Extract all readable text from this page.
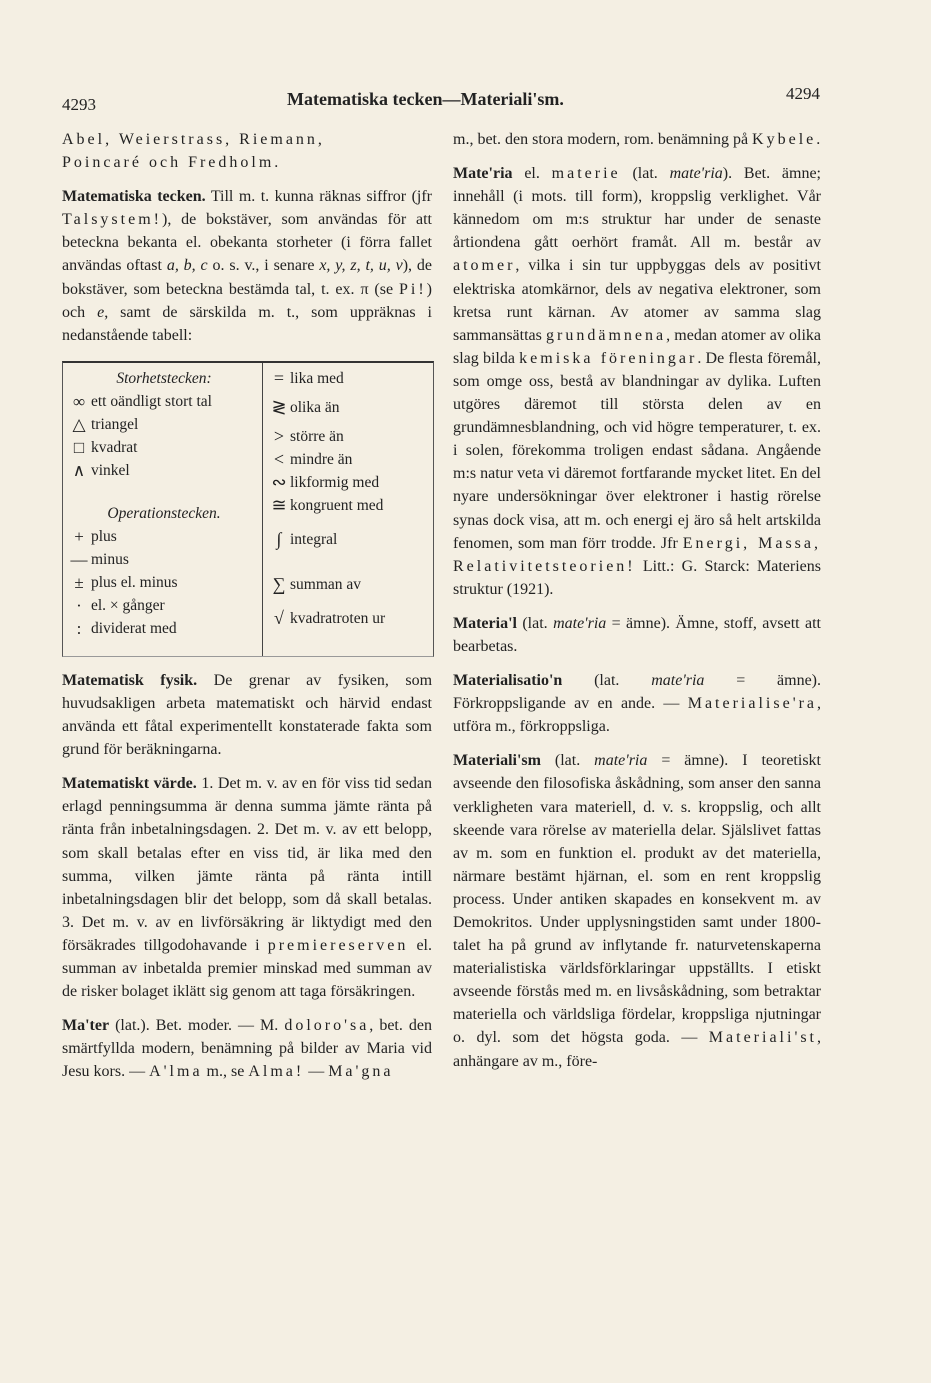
4293	Matematiska tecken—Materiali'sm.	4294

Abel, Weierstrass, Riemann,
Poincaré och Fredholm.

Matematiska tecken. Till m. t. kunna räknas siffror (jfr Talsystem!), de bokstäver, som användas för att beteckna bekanta el. obekanta storheter (i förra fallet användas oftast a, b, c o. s. v., i senare x, y, z, t, u, v), de bokstäver, som beteckna bestämda tal, t. ex. π (se Pi!) och e, samt de särskilda m. t., som uppräknas i nedanstående tabell:

Storhetstecken:
∞ ett oändligt stort tal
△ triangel
□ kvadrat
∧ vinkel
Operationstecken.
+ plus
— minus
± plus el. minus
· el. × gånger
: dividerat med
= lika med
≷ olika än
> större än
< mindre än
∾ likformig med
≅ kongruent med
∫ integral
∑ summan av
√ kvadratroten ur

Matematisk fysik. De grenar av fysiken, som huvudsakligen arbeta matematiskt och härvid endast använda ett fåtal experimentellt konstaterade fakta som grund för beräkningarna.

Matematiskt värde. 1. Det m. v. av en för viss tid sedan erlagd penningsumma är denna summa jämte ränta på ränta från inbetalningsdagen. 2. Det m. v. av ett belopp, som skall betalas efter en viss tid, är lika med den summa, vilken jämte ränta på ränta intill inbetalningsdagen blir det belopp, som då skall betalas. 3. Det m. v. av en livförsäkring är liktydigt med den försäkrades tillgodohavande i premiereserven el. summan av inbetalda premier minskad med summan av de risker bolaget iklätt sig genom att taga försäkringen.

Ma'ter (lat.). Bet. moder. — M. doloro'sa, bet. den smärtfyllda modern, benämning på bilder av Maria vid Jesu kors. — A'lma m., se Alma! — Ma'gna

m., bet. den stora modern, rom. benämning på Kybele.

Mate'ria el. materie (lat. mate'ria). Bet. ämne; innehåll (i mots. till form), kroppslig verklighet. Vår kännedom om m:s struktur har under de senaste årtiondena gått oerhört framåt. All m. består av atomer, vilka i sin tur uppbyggas dels av positivt elektriska atomkärnor, dels av negativa elektroner, som kretsa runt kärnan. Av atomer av samma slag sammansättas grundämnena, medan atomer av olika slag bilda kemiska föreningar. De flesta föremål, som omge oss, bestå av blandningar av dylika. Luften utgöres däremot till största delen av en grundämnesblandning, och vid högre temperaturer, t. ex. i solen, förekomma troligen endast sådana. Angående m:s natur veta vi däremot fortfarande mycket litet. En del nyare undersökningar över elektroner i hastig rörelse synas dock visa, att m. och energi ej äro så helt artskilda fenomen, som man förr trodde. Jfr Energi, Massa, Relativitetsteorien! Litt.: G. Starck: Materiens struktur (1921).

Materia'l (lat. mate'ria = ämne). Ämne, stoff, avsett att bearbetas.

Materialisatio'n (lat. mate'ria = ämne). Förkroppsligande av en ande. — Materialise'ra, utföra m., förkroppsliga.

Materiali'sm (lat. mate'ria = ämne). I teoretiskt avseende den filosofiska åskådning, som anser den sanna verkligheten vara materiell, d. v. s. kroppslig, och allt skeende vara rörelse av materiella delar. Själslivet fattas av m. som en funktion el. produkt av det materiella, närmare bestämt hjärnan, el. som en rent kroppslig process. Under antiken skapades en konsekvent m. av Demokritos. Under upplysningstiden samt under 1800-talet ha på grund av inflytande fr. naturvetenskaperna materialistiska världsförklaringar uppställts. I etiskt avseende förstås med m. en livsåskådning, som betraktar materiella och världsliga fördelar, kroppsliga njutningar o. dyl. som det högsta goda. — Materiali'st, anhängare av m., före-
